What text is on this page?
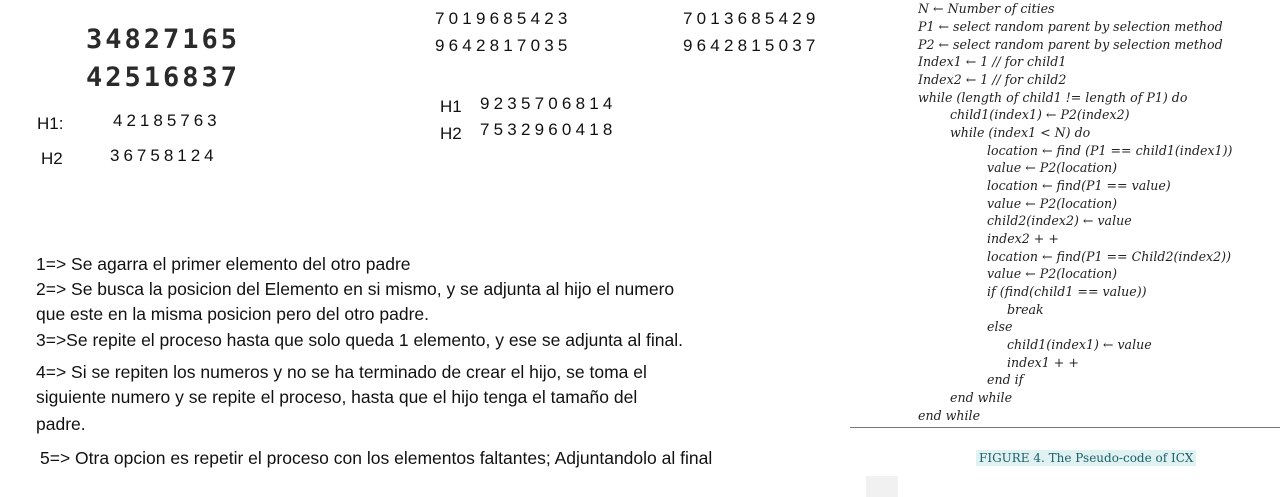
34827165
42516837
H1:	42185763
H2	36758124
7019685423
9642817035
H1 9235706814
H2 7532960418
7013685429
9642815037
1=> Se agarra el primer elemento del otro padre
2=> Se busca la posicion del Elemento en si mismo, y se adjunta al hijo el numero
que este en la misma posicion pero del otro padre.
3=>Se repite el proceso hasta que solo queda 1 elemento, y ese se adjunta al final.
4=> Si se repiten los numeros y no se ha terminado de crear el hijo, se toma el
siguiente numero y se repite el proceso, hasta que el hijo tenga el tamaño del
padre.
5=> Otra opcion es repetir el proceso con los elementos faltantes; Adjuntandolo al final
N ← Number of cities
P1 ← select random parent by selection method
P2 ← select random parent by selection method
Index1 ← 1 // for child1
Index2 ← 1 // for child2
while (length of child1 != length of P1) do
child1(index1) ← P2(index2)
while (index1 < N) do
location ← find (P1 == child1(index1))
value ← P2(location)
location ← find(P1 == value)
value ← P2(location)
child2(index2) ← value
index2 + +
location ← find(P1 == Child2(index2))
value ← P2(location)
if (find(child1 == value))
break
else
child1(index1) ← value
index1 + +
end if
end while
end while
FIGURE 4. The Pseudo-code of ICX
